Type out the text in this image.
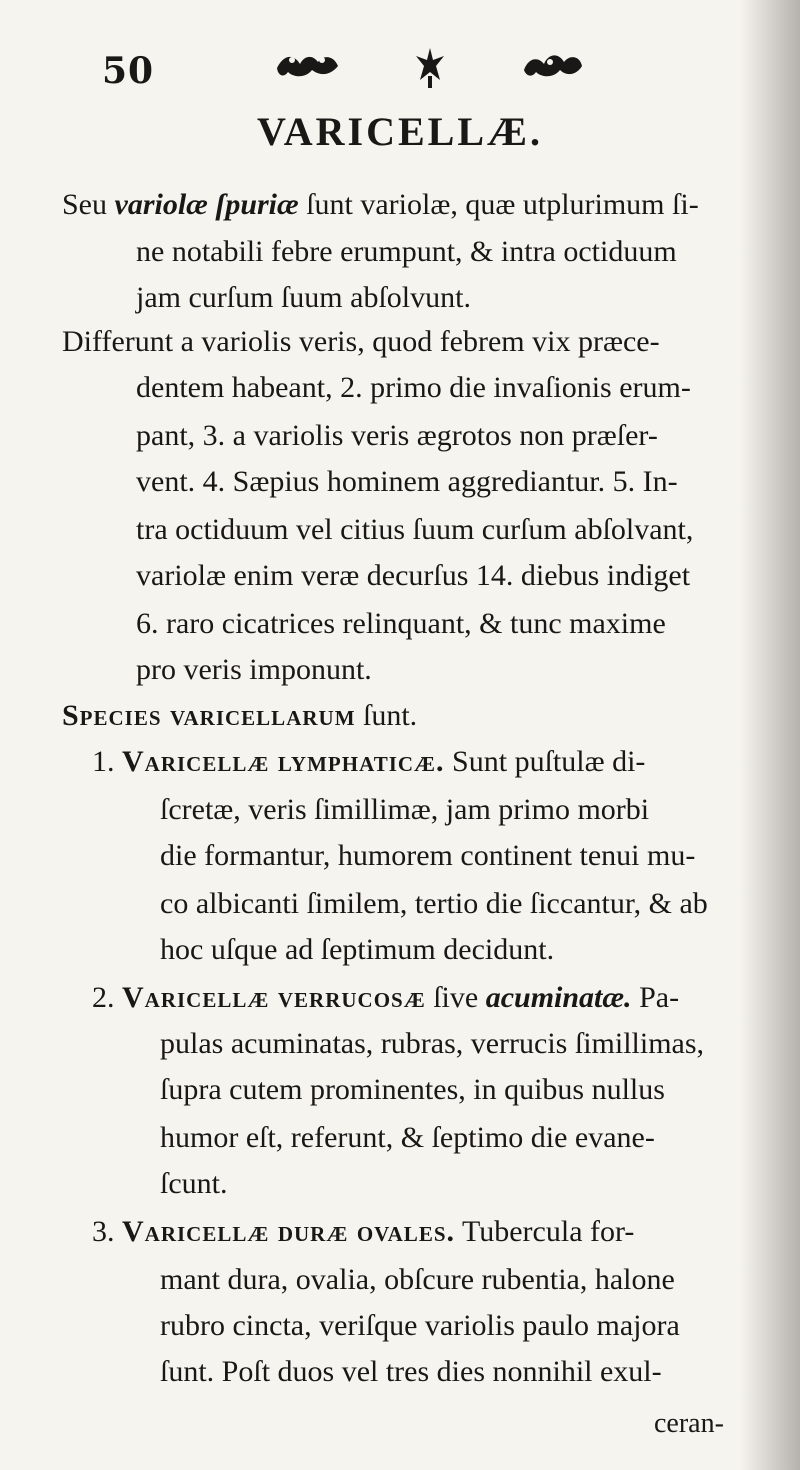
50
VARICELLÆ.
Seu variolæ ſpuriæ ſunt variolæ, quæ utplurimum ſi-
ne notabili febre erumpunt, & intra octiduum
jam curſum ſuum abſolvunt.
Differunt a variolis veris, quod febrem vix præce-
dentem habeant, 2. primo die invaſionis erum-
pant, 3. a variolis veris ægrotos non præſer-
vent. 4. Sæpius hominem aggrediantur. 5. In-
tra octiduum vel citius ſuum curſum abſolvant,
variolæ enim veræ decurſus 14. diebus indiget
6. raro cicatrices relinquant, & tunc maxime
pro veris imponunt.
Species varicellarum ſunt.
1. Varicellæ lymphaticæ. Sunt puſtulæ di-
ſcretæ, veris ſimillimæ, jam primo morbi
die formantur, humorem continent tenui mu-
co albicanti ſimilem, tertio die ſiccantur, & ab
hoc uſque ad ſeptimum decidunt.
2. Varicellæ verrucosæ ſive acuminatæ. Pa-
pulas acuminatas, rubras, verrucis ſimillimas,
ſupra cutem prominentes, in quibus nullus
humor eſt, referunt, & ſeptimo die evane-
ſcunt.
3. Varicellæ duræ ovales. Tubercula for-
mant dura, ovalia, obſcure rubentia, halone
rubro cincta, veriſque variolis paulo majora
ſunt. Poſt duos vel tres dies nonnihil exul-
ceran-
